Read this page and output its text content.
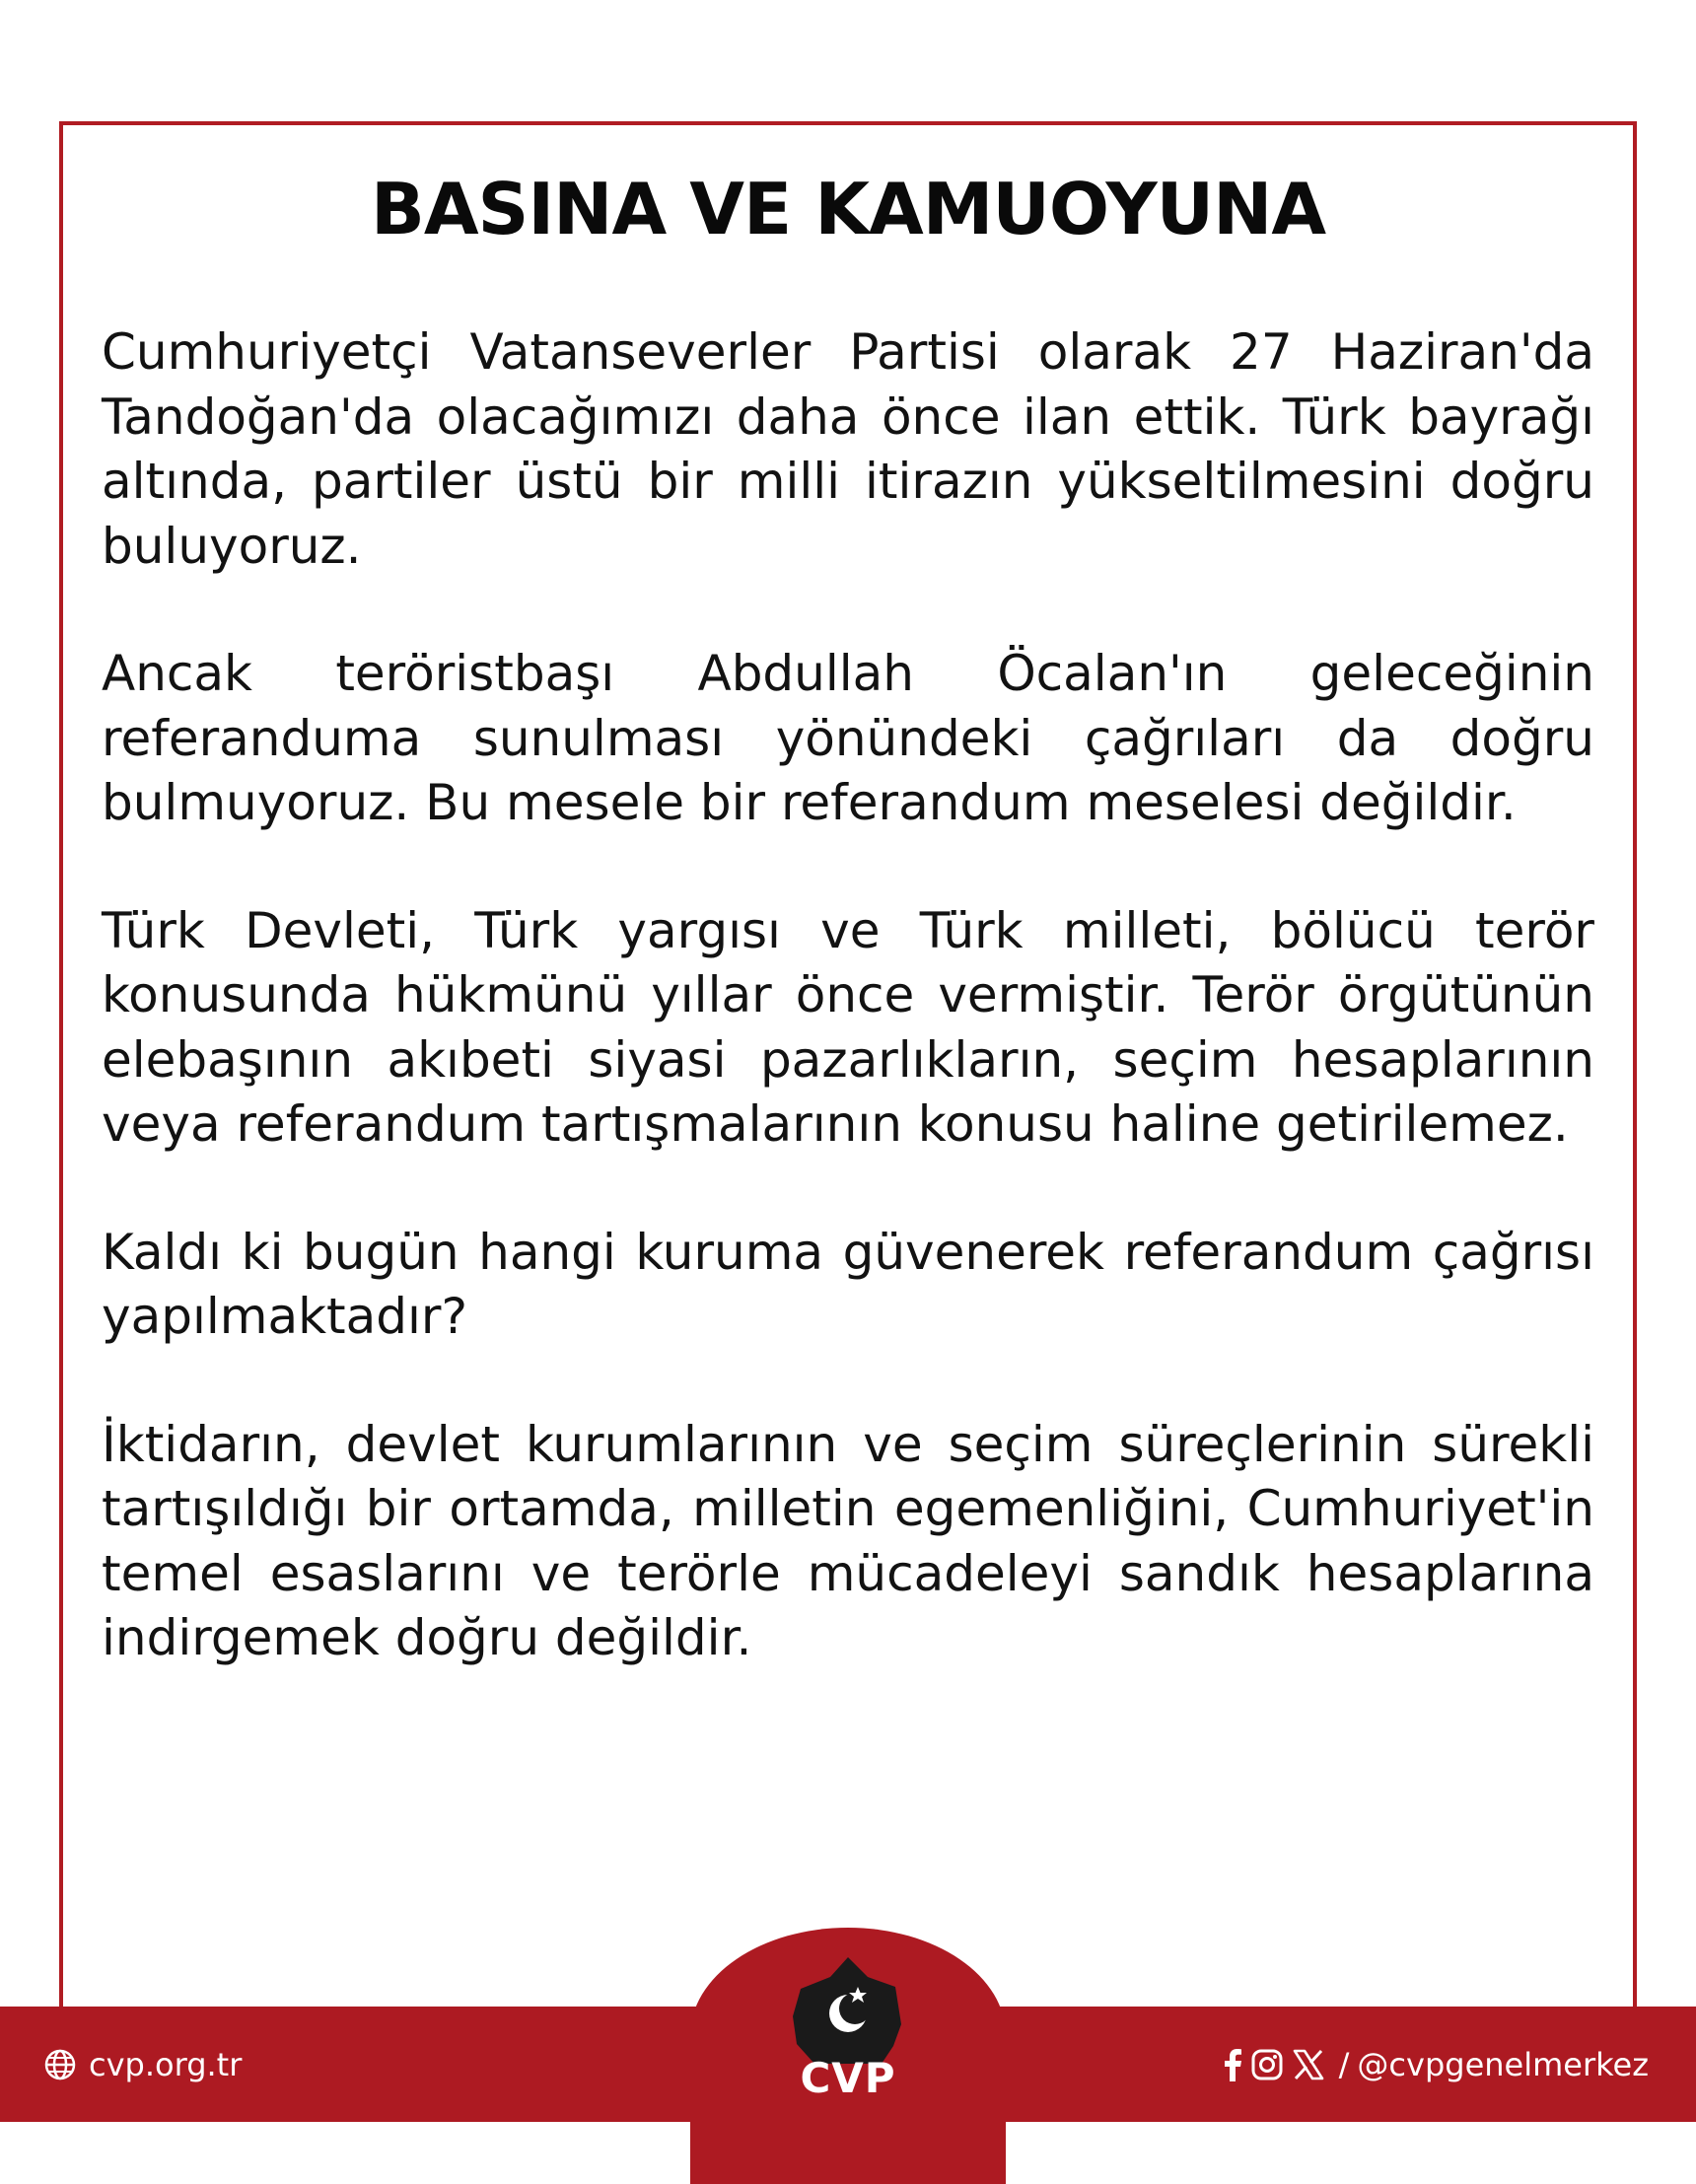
BASINA VE KAMUOYUNA

Cumhuriyetçi Vatanseverler Partisi olarak 27 Haziran'da Tandoğan'da olacağımızı daha önce ilan ettik. Türk bayrağı altında, partiler üstü bir milli itirazın yükseltilmesini doğru buluyoruz.

Ancak teröristbaşı Abdullah Öcalan'ın geleceğinin referanduma sunulması yönündeki çağrıları da doğru bulmuyoruz. Bu mesele bir referandum meselesi değildir.

Türk Devleti, Türk yargısı ve Türk milleti, bölücü terör konusunda hükmünü yıllar önce vermiştir. Terör örgütünün elebaşının akıbeti siyasi pazarlıkların, seçim hesaplarının veya referandum tartışmalarının konusu haline getirilemez.

Kaldı ki bugün hangi kuruma güvenerek referandum çağrısı yapılmaktadır?

İktidarın, devlet kurumlarının ve seçim süreçlerinin sürekli tartışıldığı bir ortamda, milletin egemenliğini, Cumhuriyet'in temel esaslarını ve terörle mücadeleyi sandık hesaplarına indirgemek doğru değildir.

CVP
cvp.org.tr	/ @cvpgenelmerkez
